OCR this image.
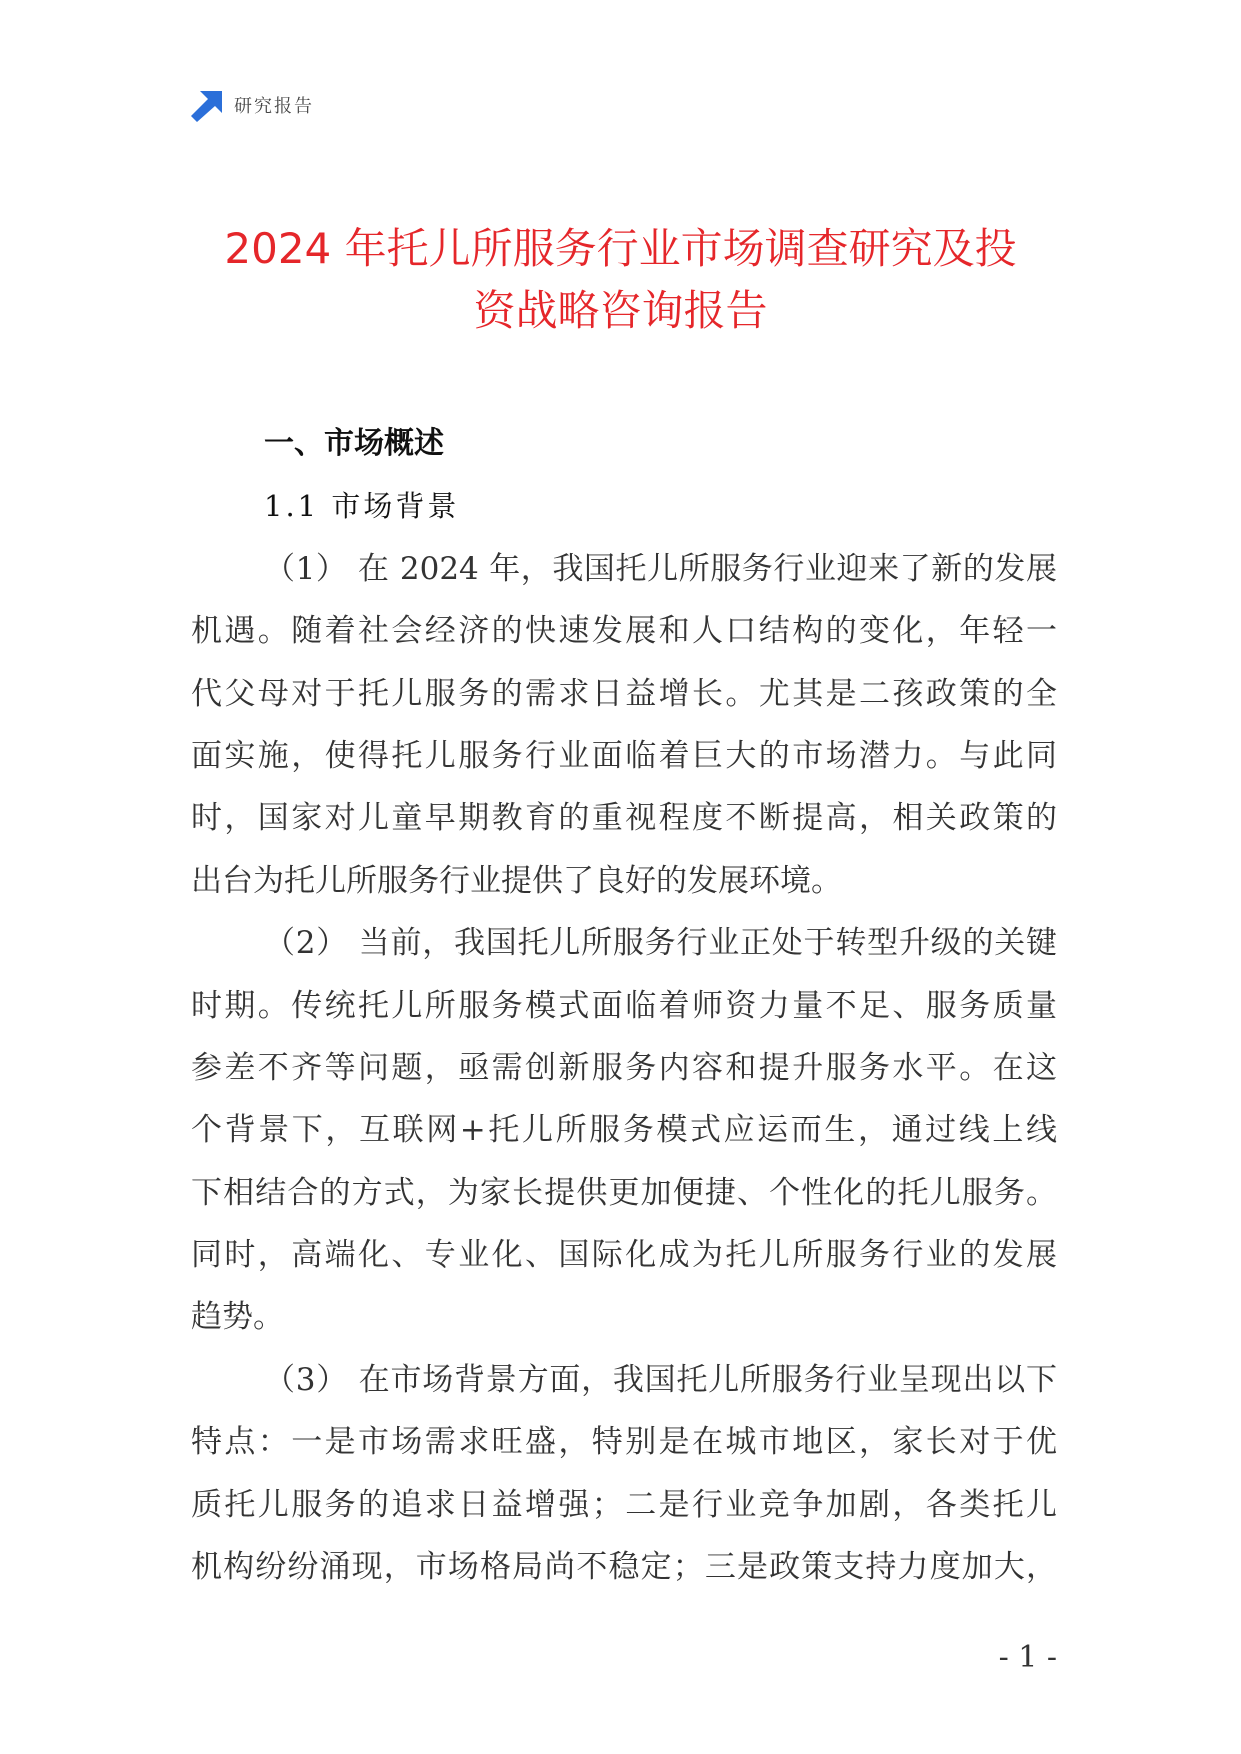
研究报告
2024 年托儿所服务行业市场调查研究及投
资战略咨询报告
一、市场概述
1.1 市场背景
（1） 在 2024 年，我国托儿所服务行业迎来了新的发展
机遇。随着社会经济的快速发展和人口结构的变化，年轻一
代父母对于托儿服务的需求日益增长。尤其是二孩政策的全
面实施，使得托儿服务行业面临着巨大的市场潜力。与此同
时，国家对儿童早期教育的重视程度不断提高，相关政策的
出台为托儿所服务行业提供了良好的发展环境。
（2） 当前，我国托儿所服务行业正处于转型升级的关键
时期。传统托儿所服务模式面临着师资力量不足、服务质量
参差不齐等问题，亟需创新服务内容和提升服务水平。在这
个背景下，互联网+托儿所服务模式应运而生，通过线上线
下相结合的方式，为家长提供更加便捷、个性化的托儿服务。
同时，高端化、专业化、国际化成为托儿所服务行业的发展
趋势。
（3） 在市场背景方面，我国托儿所服务行业呈现出以下
特点：一是市场需求旺盛，特别是在城市地区，家长对于优
质托儿服务的追求日益增强；二是行业竞争加剧，各类托儿
机构纷纷涌现，市场格局尚不稳定；三是政策支持力度加大，
- 1 -
